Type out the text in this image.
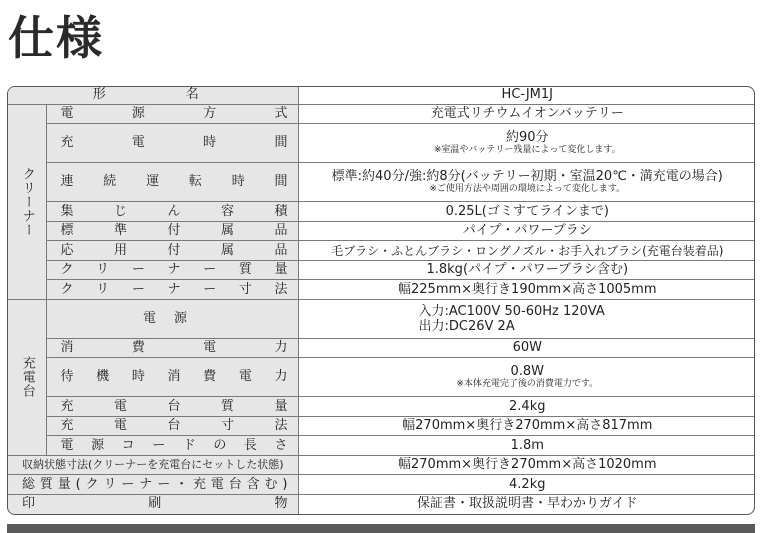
仕様
形　　名		HC-JM1J
クリーナー	電源方式	充電式リチウムイオンバッテリー
	充電時間	約90分
※室温やバッテリー残量によって変化します。

	連続運転時間	標準:約40分/強:約8分(バッテリー初期・室温20℃・満充電の場合)
※ご使用方法や周囲の環境によって変化します。

	集じん容積	0.25L(ゴミすてラインまで)
	標準付属品	パイプ・パワーブラシ
	応用付属品	毛ブラシ・ふとんブラシ・ロングノズル・お手入れブラシ(充電台装着品)
	クリーナー質量	1.8kg(パイプ・パワーブラシ含む)
	クリーナー寸法	幅225mm×奥行き190mm×高さ1005mm
充電台	電源	入力:AC100V 50-60Hz 120VA
出力:DC26V 2A

	消費電力	60W
	待機時消費電力	0.8W
※本体充電完了後の消費電力です。

	充電台質量	2.4kg
	充電台寸法	幅270mm×奥行き270mm×高さ817mm
	電源コードの長さ	1.8m
収納状態寸法(クリーナーを充電台にセットした状態)		幅270mm×奥行き270mm×高さ1020mm
総質量(クリーナー・充電台含む)		4.2kg
印刷物		保証書・取扱説明書・早わかりガイド
